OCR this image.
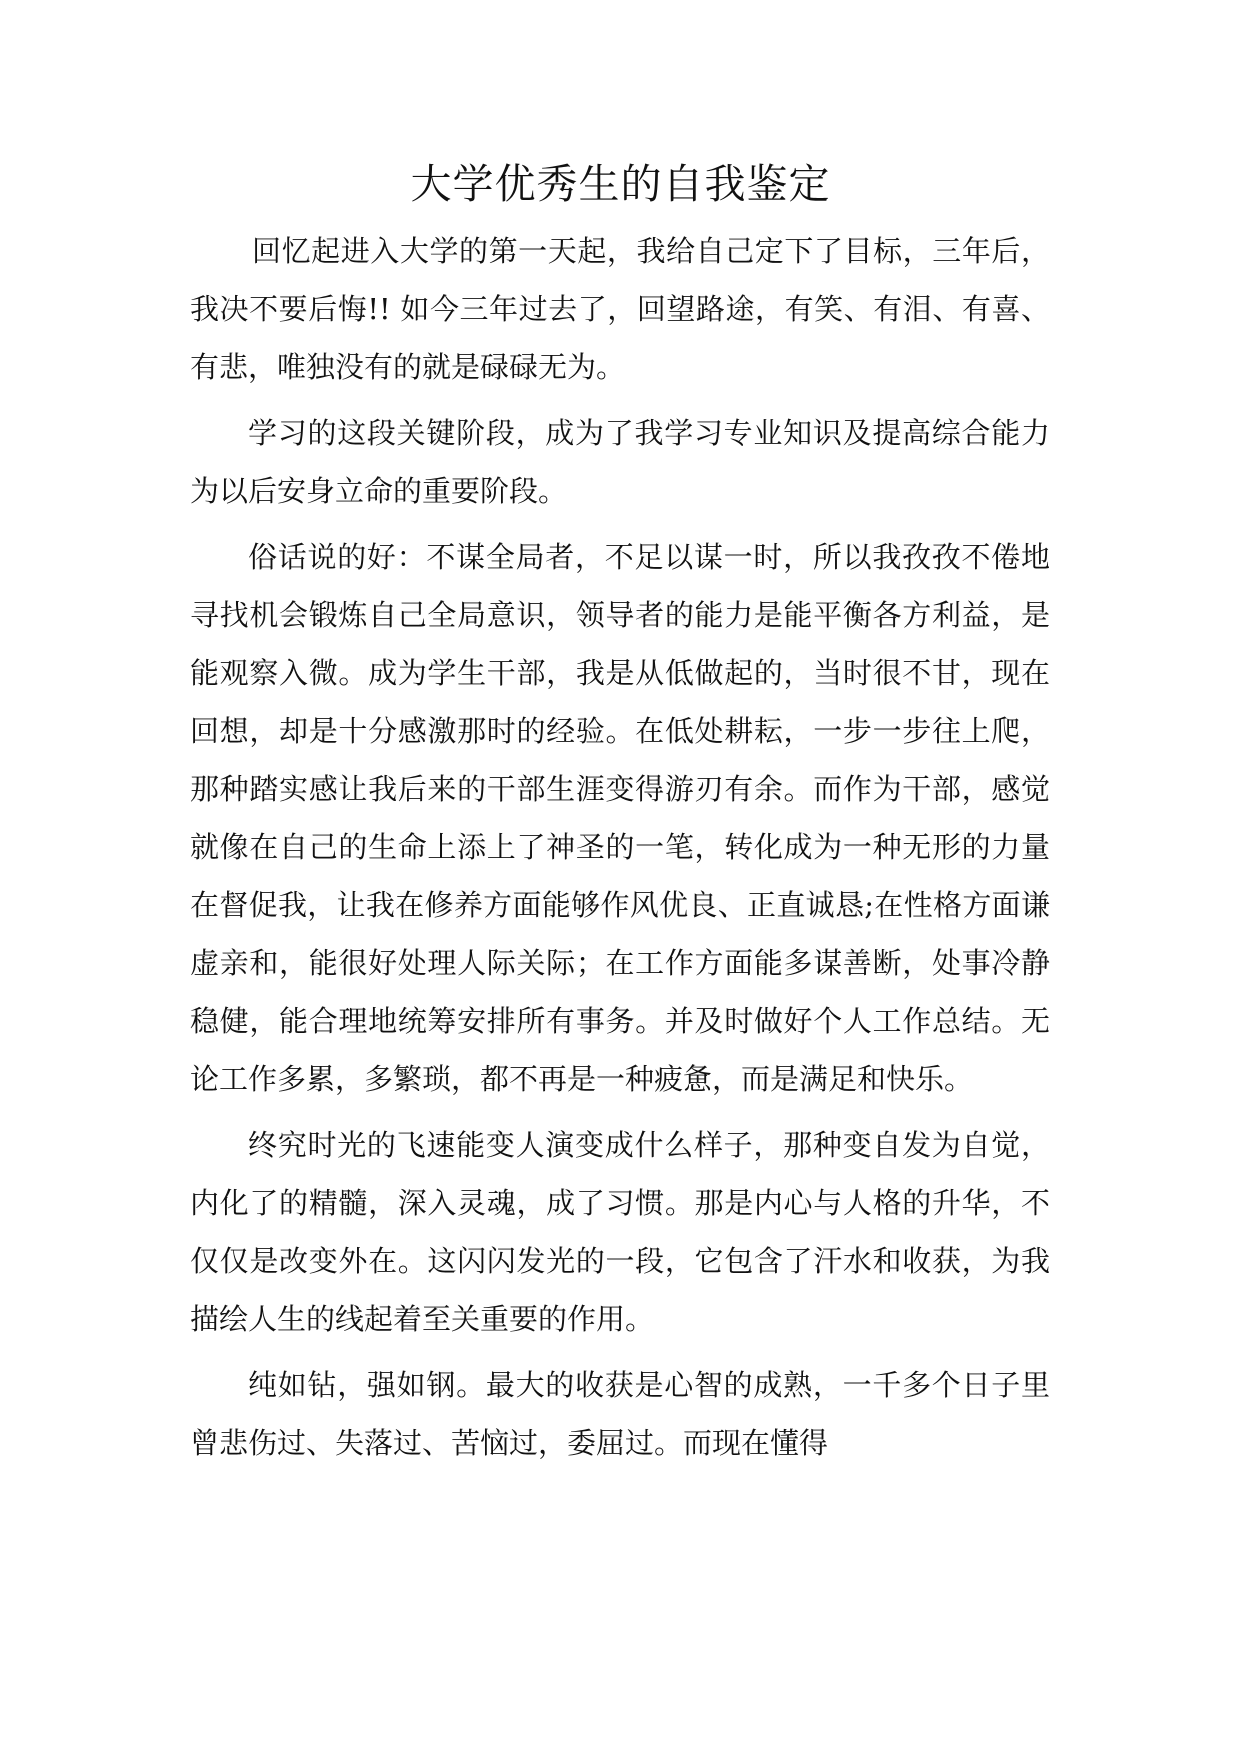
大学优秀生的自我鉴定

回忆起进入大学的第一天起，我给自己定下了目标，三年后，我决不要后悔!! 如今三年过去了，回望路途，有笑、有泪、有喜、有悲，唯独没有的就是碌碌无为。

学习的这段关键阶段，成为了我学习专业知识及提高综合能力为以后安身立命的重要阶段。

俗话说的好：不谋全局者，不足以谋一时，所以我孜孜不倦地寻找机会锻炼自己全局意识，领导者的能力是能平衡各方利益，是能观察入微。成为学生干部，我是从低做起的，当时很不甘，现在回想，却是十分感激那时的经验。在低处耕耘，一步一步往上爬，那种踏实感让我后来的干部生涯变得游刃有余。而作为干部，感觉就像在自己的生命上添上了神圣的一笔，转化成为一种无形的力量在督促我，让我在修养方面能够作风优良、正直诚恳;在性格方面谦虚亲和，能很好处理人际关际；在工作方面能多谋善断，处事冷静稳健，能合理地统筹安排所有事务。并及时做好个人工作总结。无论工作多累，多繁琐，都不再是一种疲惫，而是满足和快乐。

终究时光的飞速能变人演变成什么样子，那种变自发为自觉，内化了的精髓，深入灵魂，成了习惯。那是内心与人格的升华，不仅仅是改变外在。这闪闪发光的一段，它包含了汗水和收获，为我描绘人生的线起着至关重要的作用。

纯如钻，强如钢。最大的收获是心智的成熟，一千多个日子里曾悲伤过、失落过、苦恼过，委屈过。而现在懂得
